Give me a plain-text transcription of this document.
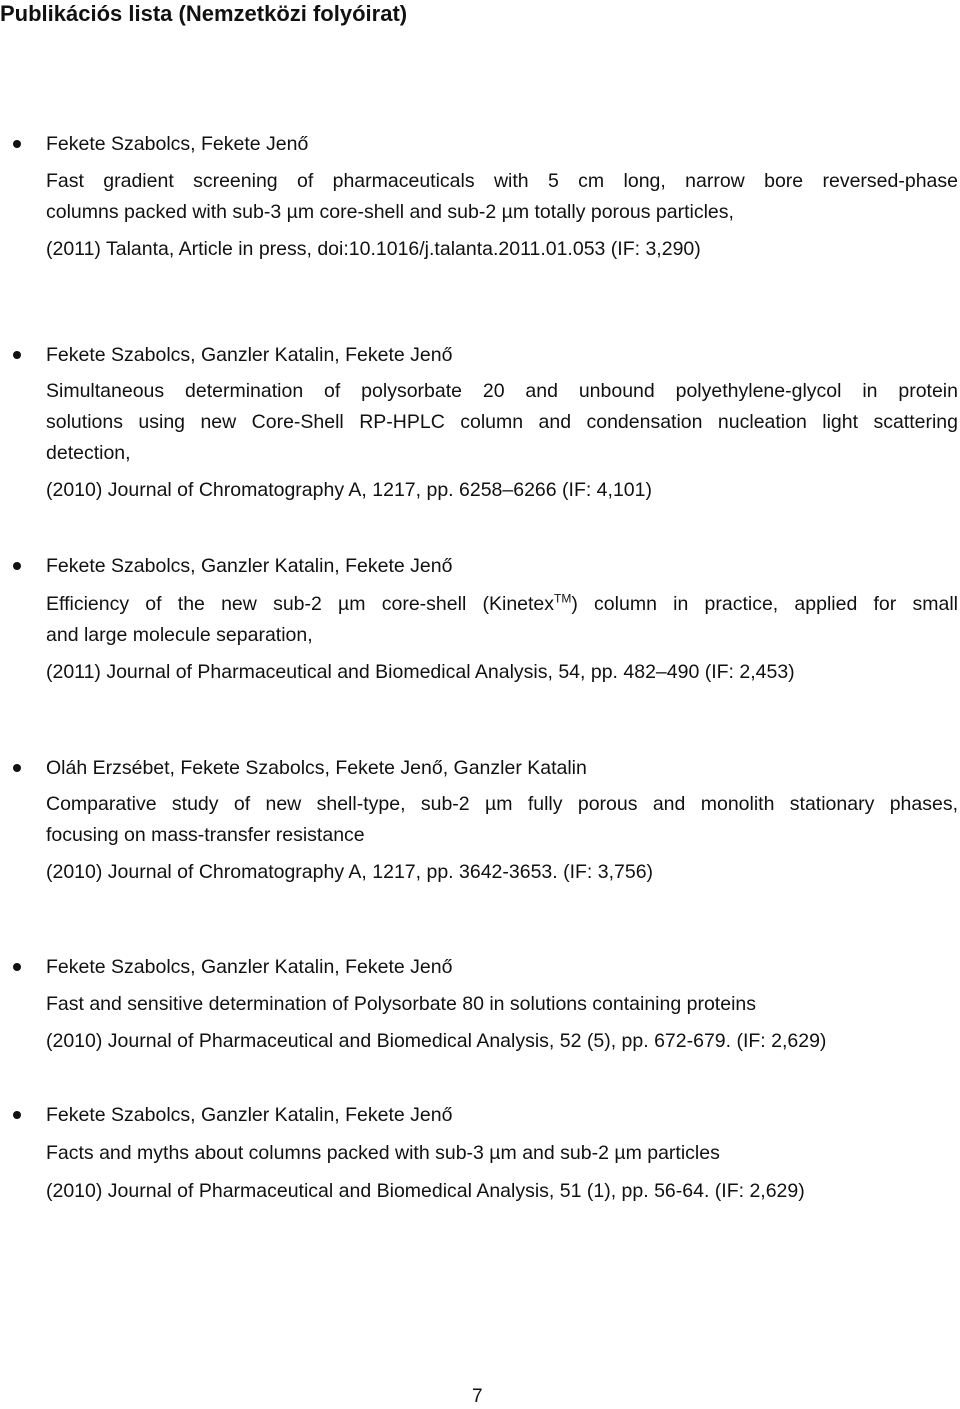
Publikációs lista (Nemzetközi folyóirat)
Fekete Szabolcs, Fekete Jenő
Fast gradient screening of pharmaceuticals with 5 cm long, narrow bore reversed-phase
columns packed with sub-3 µm core-shell and sub-2 µm totally porous particles,
(2011) Talanta, Article in press, doi:10.1016/j.talanta.2011.01.053 (IF: 3,290)
Fekete Szabolcs, Ganzler Katalin, Fekete Jenő
Simultaneous determination of polysorbate 20 and unbound polyethylene-glycol in protein
solutions using new Core-Shell RP-HPLC column and condensation nucleation light scattering
detection,
(2010) Journal of Chromatography A, 1217, pp. 6258–6266 (IF: 4,101)
Fekete Szabolcs, Ganzler Katalin, Fekete Jenő
Efficiency of the new sub-2 µm core-shell (Kinetex™) column in practice, applied for small
and large molecule separation,
(2011) Journal of Pharmaceutical and Biomedical Analysis, 54, pp. 482–490 (IF: 2,453)
Oláh Erzsébet, Fekete Szabolcs, Fekete Jenő, Ganzler Katalin
Comparative study of new shell-type, sub-2 µm fully porous and monolith stationary phases,
focusing on mass-transfer resistance
(2010) Journal of Chromatography A, 1217, pp. 3642-3653. (IF: 3,756)
Fekete Szabolcs, Ganzler Katalin, Fekete Jenő
Fast and sensitive determination of Polysorbate 80 in solutions containing proteins
(2010) Journal of Pharmaceutical and Biomedical Analysis, 52 (5), pp. 672-679. (IF: 2,629)
Fekete Szabolcs, Ganzler Katalin, Fekete Jenő
Facts and myths about columns packed with sub-3 µm and sub-2 µm particles
(2010) Journal of Pharmaceutical and Biomedical Analysis, 51 (1), pp. 56-64. (IF: 2,629)
7
